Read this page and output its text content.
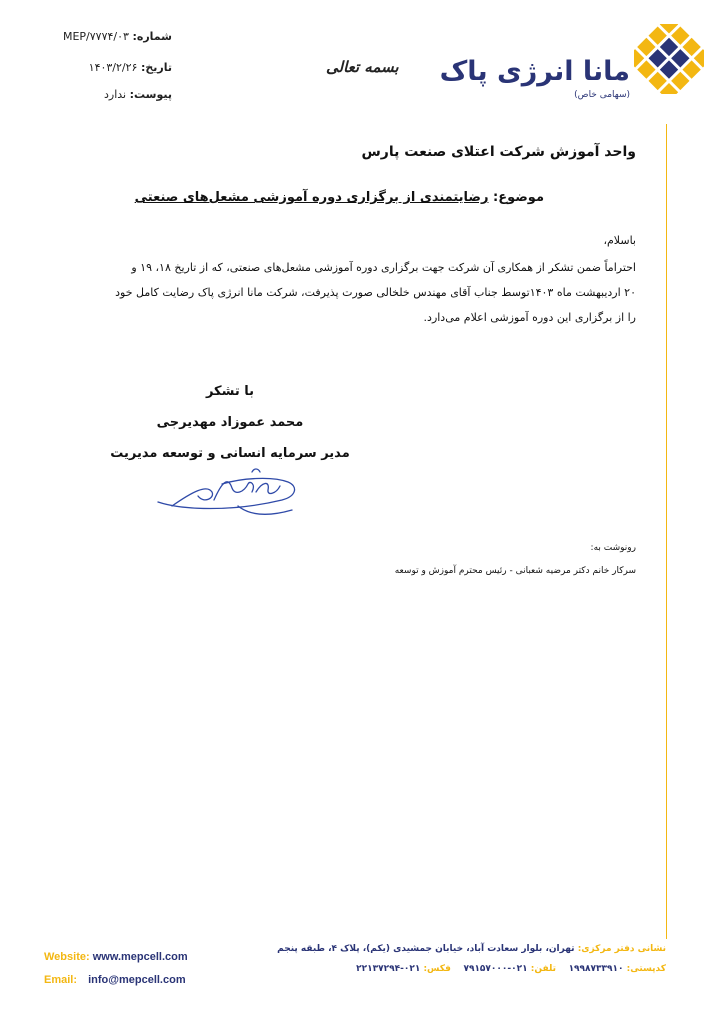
شماره: ۰۳/MEP/۷۷۷۴
تاریخ: ۱۴۰۳/۲/۲۶
پیوست: ندارد
بسمه تعالی مانا انرژی پاک
(سهامی خاص)
واحد آموزش شرکت اعتلای صنعت پارس
موضوع: رضایتمندی از برگزاری دوره آموزشی مشعل‌های صنعتی
باسلام،
احتراماً ضمن تشکر از همکاری آن شرکت جهت برگزاری دوره آموزشی مشعل‌های صنعتی، که از تاریخ ۱۸، ۱۹ و
۲۰ اردیبهشت ماه ۱۴۰۳توسط جناب آقای مهندس خلخالی صورت پذیرفت، شرکت مانا انرژی پاک رضایت کامل خود
را از برگزاری این دوره آموزشی اعلام می‌دارد.
با تشکر
محمد عموزاد مهدیرجی
مدیر سرمایه انسانی و توسعه مدیریت
رونوشت به:
سرکار خانم دکتر مرضیه شعبانی - رئیس محترم آموزش و توسعه
Website: www.mepcell.com
Email: info@mepcell.com
نشانی دفتر مرکزی: تهران، بلوار سعادت آباد، خیابان جمشیدی (یکم)، پلاک ۴، طبقه پنجم
کدپستی: ۱۹۹۸۷۳۳۹۱۰    تلفن: ۰۲۱-۷۹۱۵۷۰۰۰    فکس: ۰۲۱-۲۲۱۳۷۲۹۴
